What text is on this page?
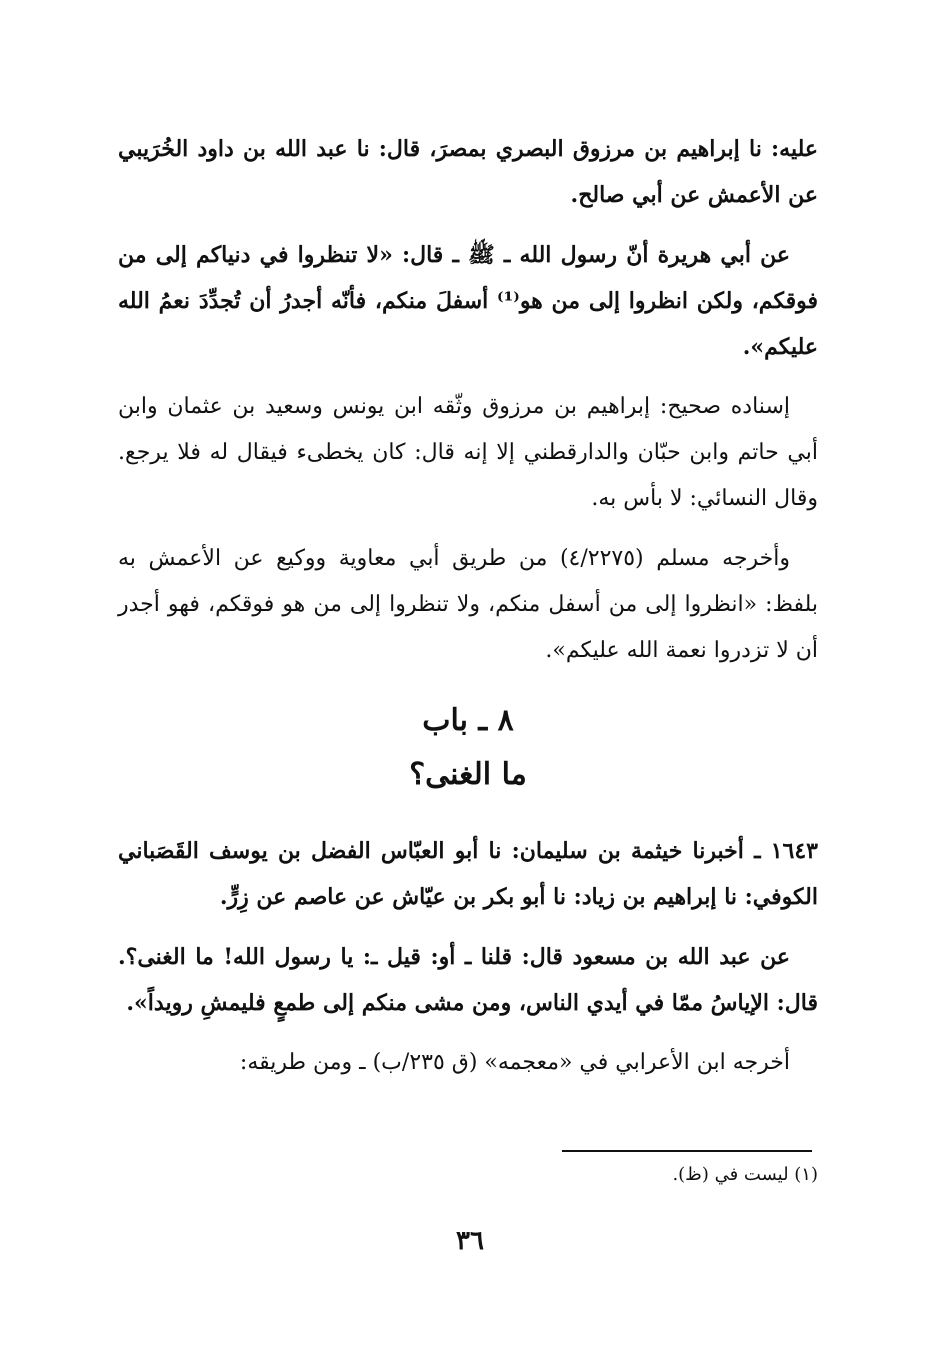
عليه: نا إبراهيم بن مرزوق البصري بمصرَ، قال: نا عبد الله بن داود الخُرَيبي عن الأعمش عن أبي صالح.

عن أبي هريرة أنّ رسول الله ـ ﷺ ـ قال: «لا تنظروا في دنياكم إلى من فوقكم، ولكن انظروا إلى من هو⁽¹⁾ أسفلَ منكم، فأنّه أجدرُ أن تُجدِّدَ نعمُ الله عليكم».

إسناده صحيح: إبراهيم بن مرزوق وثّقه ابن يونس وسعيد بن عثمان وابن أبي حاتم وابن حبّان والدارقطني إلا إنه قال: كان يخطىء فيقال له فلا يرجع. وقال النسائي: لا بأس به.

وأخرجه مسلم (٤/٢٢٧٥) من طريق أبي معاوية ووكيع عن الأعمش به بلفظ: «انظروا إلى من أسفل منكم، ولا تنظروا إلى من هو فوقكم، فهو أجدر أن لا تزدروا نعمة الله عليكم».

٨ ـ باب

ما الغنى؟

١٦٤٣ ـ أخبرنا خيثمة بن سليمان: نا أبو العبّاس الفضل بن يوسف القَصَباني الكوفي: نا إبراهيم بن زياد: نا أبو بكر بن عيّاش عن عاصم عن زِرٍّ.

عن عبد الله بن مسعود قال: قلنا ـ أو: قيل ـ: يا رسول الله! ما الغنى؟. قال: الإياسُ ممّا في أيدي الناس، ومن مشى منكم إلى طمعٍ فليمشِ رويداً».

أخرجه ابن الأعرابي في «معجمه» (ق ٢٣٥/ب) ـ ومن طريقه:

(١) ليست في (ظ).
٣٦
